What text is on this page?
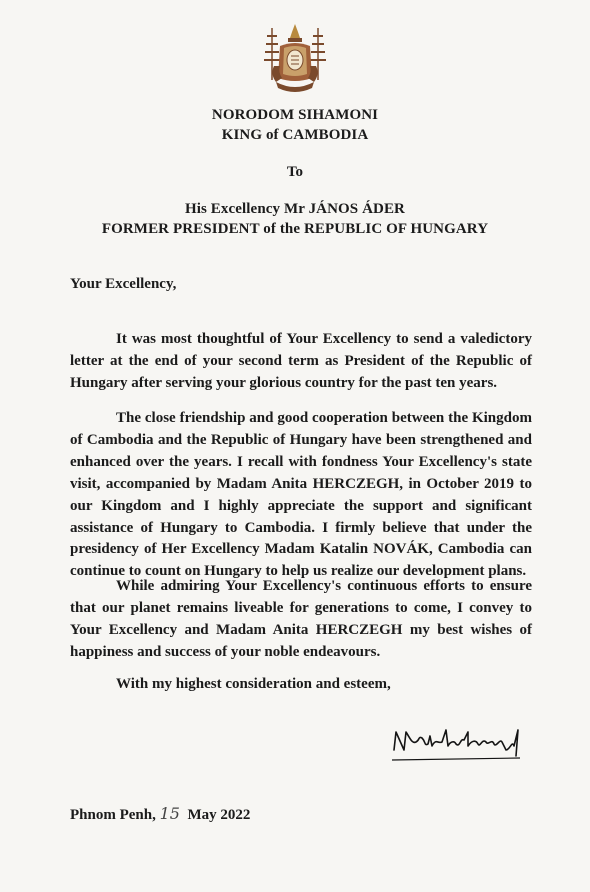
NORODOM SIHAMONI
KING of CAMBODIA
To
His Excellency Mr JÁNOS ÁDER
FORMER PRESIDENT of the REPUBLIC OF HUNGARY
Your Excellency,
It was most thoughtful of Your Excellency to send a valedictory letter at the end of your second term as President of the Republic of Hungary after serving your glorious country for the past ten years.
The close friendship and good cooperation between the Kingdom of Cambodia and the Republic of Hungary have been strengthened and enhanced over the years. I recall with fondness Your Excellency's state visit, accompanied by Madam Anita HERCZEGH, in October 2019 to our Kingdom and I highly appreciate the support and significant assistance of Hungary to Cambodia. I firmly believe that under the presidency of Her Excellency Madam Katalin NOVÁK, Cambodia can continue to count on Hungary to help us realize our development plans.
While admiring Your Excellency's continuous efforts to ensure that our planet remains liveable for generations to come, I convey to Your Excellency and Madam Anita HERCZEGH my best wishes of happiness and success of your noble endeavours.
With my highest consideration and esteem,
Phnom Penh, 15 May 2022
